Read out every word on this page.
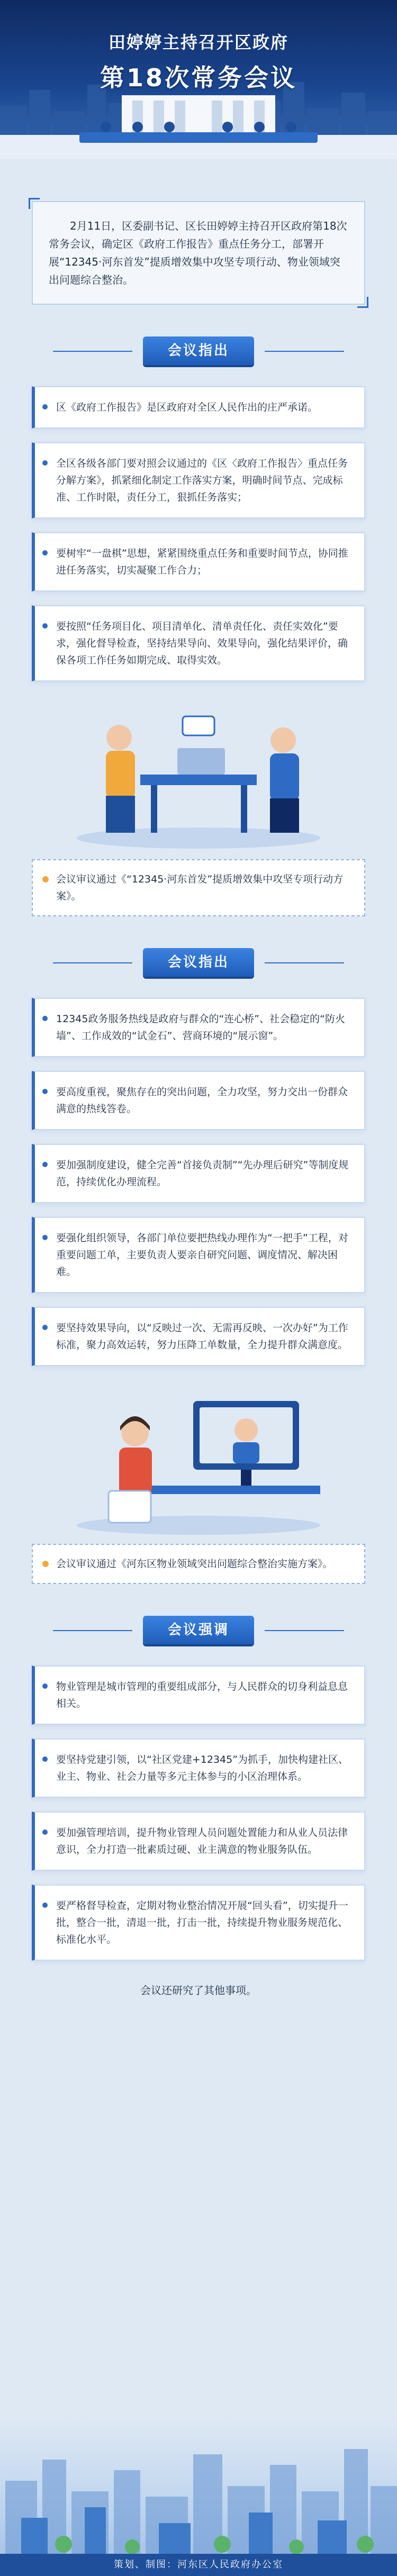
田婷婷主持召开区政府
第18次常务会议

2月11日，区委副书记、区长田婷婷主持召开区政府第18次常务会议，确定区《政府工作报告》重点任务分工，部署开展“12345·河东首发”提质增效集中攻坚专项行动、物业领域突出问题综合整治。

会议指出

区《政府工作报告》是区政府对全区人民作出的庄严承诺。

全区各级各部门要对照会议通过的《区〈政府工作报告〉重点任务分解方案》，抓紧细化制定工作落实方案，明确时间节点、完成标准、工作时限，责任分工，狠抓任务落实；

要树牢“一盘棋”思想，紧紧围绕重点任务和重要时间节点，协同推进任务落实，切实凝聚工作合力；

要按照“任务项目化、项目清单化、清单责任化、责任实效化”要求，强化督导检查，坚持结果导向、效果导向，强化结果评价，确保各项工作任务如期完成、取得实效。

会议审议通过《“12345·河东首发”提质增效集中攻坚专项行动方案》。

会议指出

12345政务服务热线是政府与群众的“连心桥”、社会稳定的“防火墙”、工作成效的“试金石”、营商环境的“展示窗”。

要高度重视，聚焦存在的突出问题，全力攻坚，努力交出一份群众满意的热线答卷。

要加强制度建设，健全完善“首接负责制”“先办理后研究”等制度规范，持续优化办理流程。

要强化组织领导，各部门单位要把热线办理作为“一把手”工程，对重要问题工单，主要负责人要亲自研究问题、调度情况、解决困难。

要坚持效果导向，以“反映过一次、无需再反映、一次办好”为工作标准，聚力高效运转，努力压降工单数量，全力提升群众满意度。

会议审议通过《河东区物业领域突出问题综合整治实施方案》。

会议强调

物业管理是城市管理的重要组成部分，与人民群众的切身利益息息相关。

要坚持党建引领，以“社区党建+12345”为抓手，加快构建社区、业主、物业、社会力量等多元主体参与的小区治理体系。

要加强管理培训，提升物业管理人员问题处置能力和从业人员法律意识，全力打造一批素质过硬、业主满意的物业服务队伍。

要严格督导检查，定期对物业整治情况开展“回头看”，切实提升一批，整合一批，清退一批，打击一批，持续提升物业服务规范化、标准化水平。

会议还研究了其他事项。
策划、制图：河东区人民政府办公室
